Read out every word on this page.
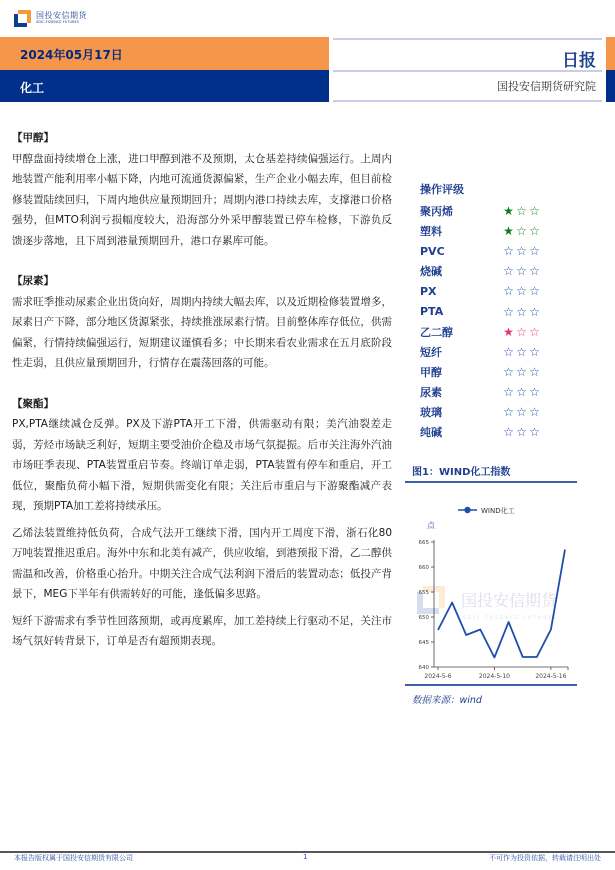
国投安信期货
SDIC ESSENCE FUTURES
2024年05月17日
化工
日报
国投安信期货研究院
【甲醇】

甲醇盘面持续增仓上涨，进口甲醇到港不及预期，太仓基差持续偏强运行。上周内地装置产能利用率小幅下降，内地可流通货源偏紧，生产企业小幅去库，但目前检修装置陆续回归，下周内地供应量预期回升；周期内港口持续去库，支撑港口价格强势，但MTO利润亏损幅度较大，沿海部分外采甲醇装置已停车检修，下游负反馈逐步落地，且下周到港量预期回升，港口存累库可能。

【尿素】

需求旺季推动尿素企业出货向好，周期内持续大幅去库，以及近期检修装置增多，尿素日产下降，部分地区货源紧张，持续推涨尿素行情。目前整体库存低位，供需偏紧，行情持续偏强运行，短期建议谨慎看多；中长期来看农业需求在五月底阶段性走弱，且供应量预期回升，行情存在震荡回落的可能。

【聚酯】

PX,PTA继续减仓反弹。PX及下游PTA开工下滑，供需驱动有限；美汽油裂差走弱，芳烃市场缺乏利好，短期主要受油价企稳及市场气氛提振。后市关注海外汽油市场旺季表现、PTA装置重启节奏。终端订单走弱，PTA装置有停车和重启，开工低位，聚酯负荷小幅下滑，短期供需变化有限；关注后市重启与下游聚酯减产表现，预期PTA加工差将持续承压。

乙烯法装置维持低负荷，合成气法开工继续下滑，国内开工周度下滑，浙石化80万吨装置推迟重启。海外中东和北美有减产，供应收缩，到港预报下滑，乙二醇供需温和改善，价格重心抬升。中期关注合成气法利润下滑后的装置动态；低投产背景下，MEG下半年有供需转好的可能，逢低偏多思路。

短纤下游需求有季节性回落预期，或再度累库，加工差持续上行驱动不足，关注市场气氛好转背景下，订单是否有超预期表现。

操作评级
聚丙烯	★ ☆ ☆
塑料	★ ☆ ☆
PVC	☆ ☆ ☆
烧碱	☆ ☆ ☆
PX	☆ ☆ ☆
PTA	☆ ☆ ☆
乙二醇	★ ☆ ☆
短纤	☆ ☆ ☆
甲醇	☆ ☆ ☆
尿素	☆ ☆ ☆
玻璃	☆ ☆ ☆
纯碱	☆ ☆ ☆
图1：WIND化工指数
国投安信期货
SDIC ESSENCE FUTURES
WIND化工
点
640
645
650
655
660
665
2024-5-6	2024-5-10	2024-5-16
数据来源：wind
本报告版权属于国投安信期货有限公司	1	不可作为投资依据，转载请注明出处
